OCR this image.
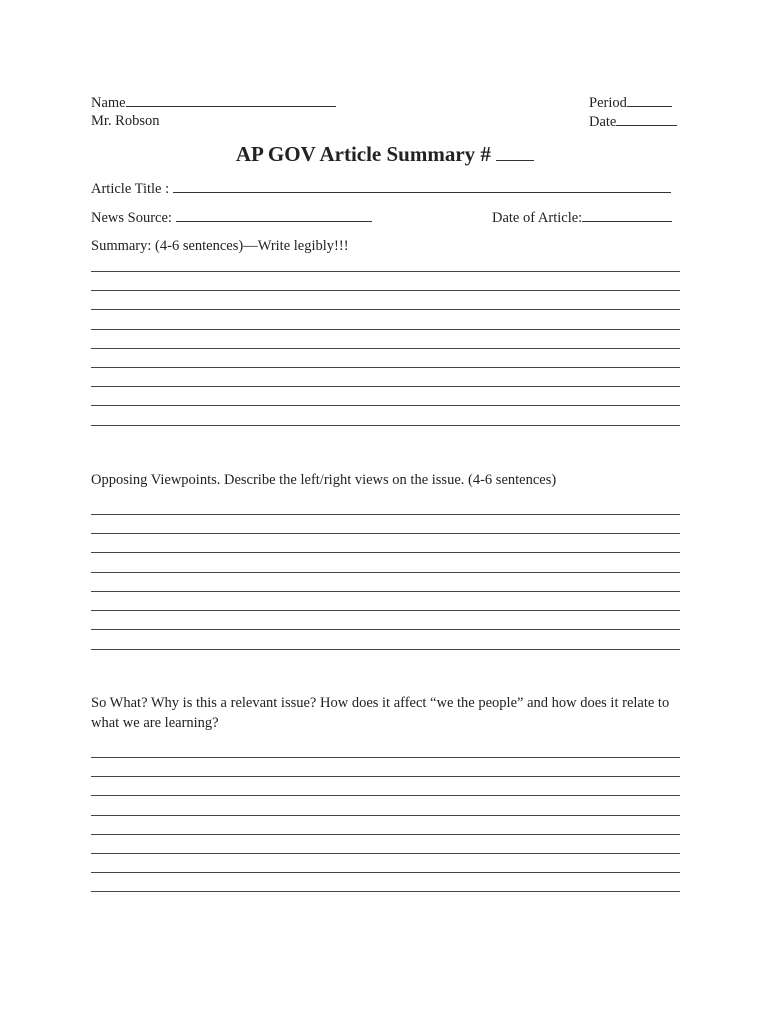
Name
Mr. Robson
Period
Date
AP GOV Article Summary #
Article Title :
News Source:	Date of Article:
Summary: (4-6 sentences)—Write legibly!!!
Opposing Viewpoints. Describe the left/right views on the issue. (4-6 sentences)
So What? Why is this a relevant issue? How does it affect “we the people” and how does it relate to what we are learning?
